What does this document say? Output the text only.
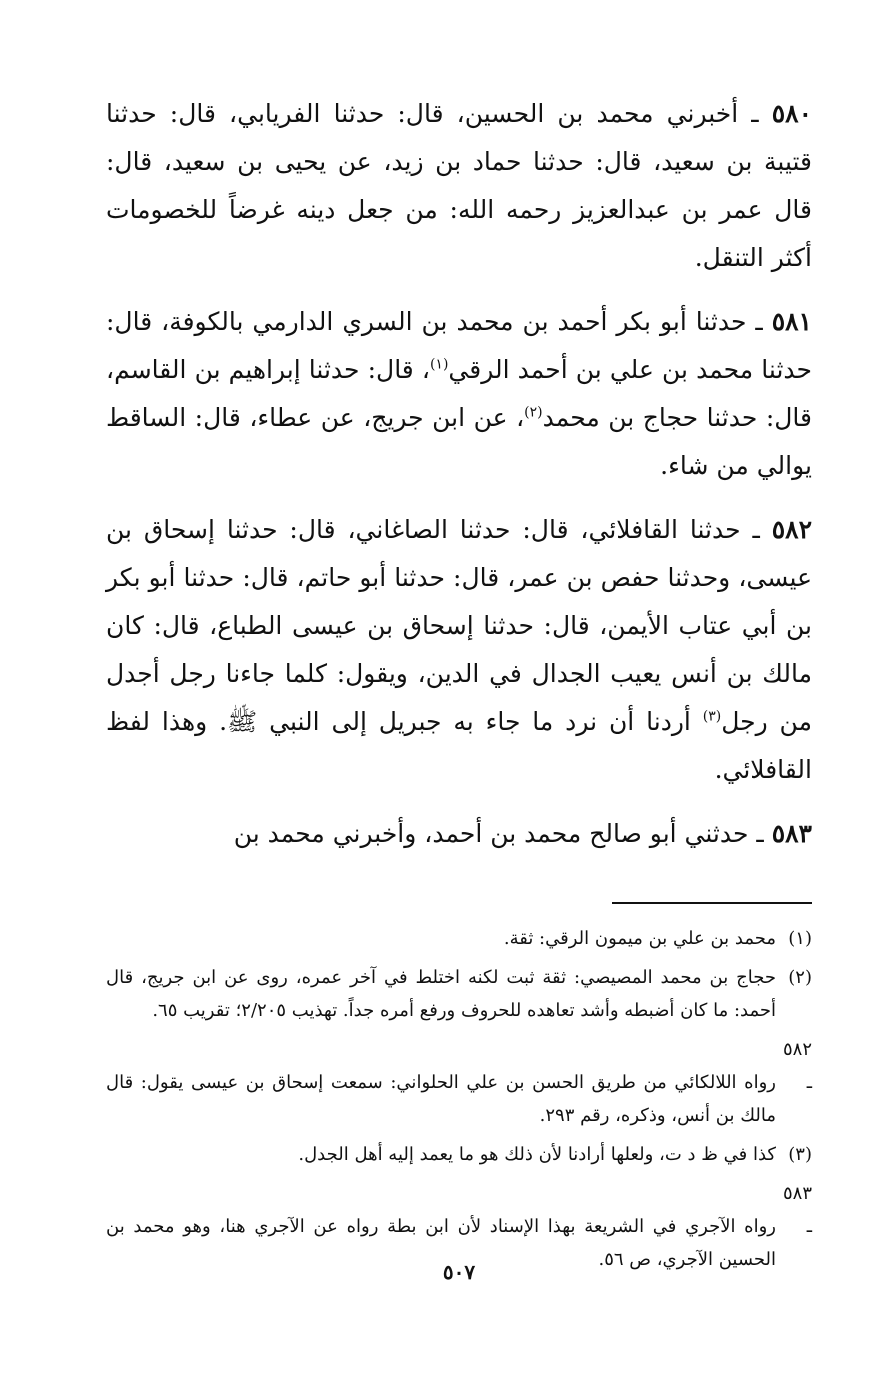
٥٨٠ ـ أخبرني محمد بن الحسين، قال: حدثنا الفريابي، قال: حدثنا قتيبة بن سعيد، قال: حدثنا حماد بن زيد، عن يحيى بن سعيد، قال: قال عمر بن عبدالعزيز رحمه الله: من جعل دينه غرضاً للخصومات أكثر التنقل.

٥٨١ ـ حدثنا أبو بكر أحمد بن محمد بن السري الدارمي بالكوفة، قال: حدثنا محمد بن علي بن أحمد الرقي$^{(١)}$، قال: حدثنا إبراهيم بن القاسم، قال: حدثنا حجاج بن محمد$^{(٢)}$، عن ابن جريج، عن عطاء، قال: الساقط يوالي من شاء.

٥٨٢ ـ حدثنا القافلائي، قال: حدثنا الصاغاني، قال: حدثنا إسحاق بن عيسى، وحدثنا حفص بن عمر، قال: حدثنا أبو حاتم، قال: حدثنا أبو بكر بن أبي عتاب الأيمن، قال: حدثنا إسحاق بن عيسى الطباع، قال: كان مالك بن أنس يعيب الجدال في الدين، ويقول: كلما جاءنا رجل أجدل من رجل$^{(٣)}$ أردنا أن نرد ما جاء به جبريل إلى النبي ﷺ. وهذا لفظ القافلائي.

٥٨٣ ـ حدثني أبو صالح محمد بن أحمد، وأخبرني محمد بن

(١)محمد بن علي بن ميمون الرقي: ثقة.

(٢)حجاج بن محمد المصيصي: ثقة ثبت لكنه اختلط في آخر عمره، روى عن ابن جريج، قال أحمد: ما كان أضبطه وأشد تعاهده للحروف ورفع أمره جداً. تهذيب ٢/٢٠٥؛ تقريب ٦٥.

٥٨٢ ـرواه اللالكائي من طريق الحسن بن علي الحلواني: سمعت إسحاق بن عيسى يقول: قال مالك بن أنس، وذكره، رقم ٢٩٣.

(٣)كذا في ظ د ت، ولعلها أرادنا لأن ذلك هو ما يعمد إليه أهل الجدل.

٥٨٣ ـرواه الآجري في الشريعة بهذا الإسناد لأن ابن بطة رواه عن الآجري هنا، وهو محمد بن الحسين الآجري، ص ٥٦.

٥٠٧
